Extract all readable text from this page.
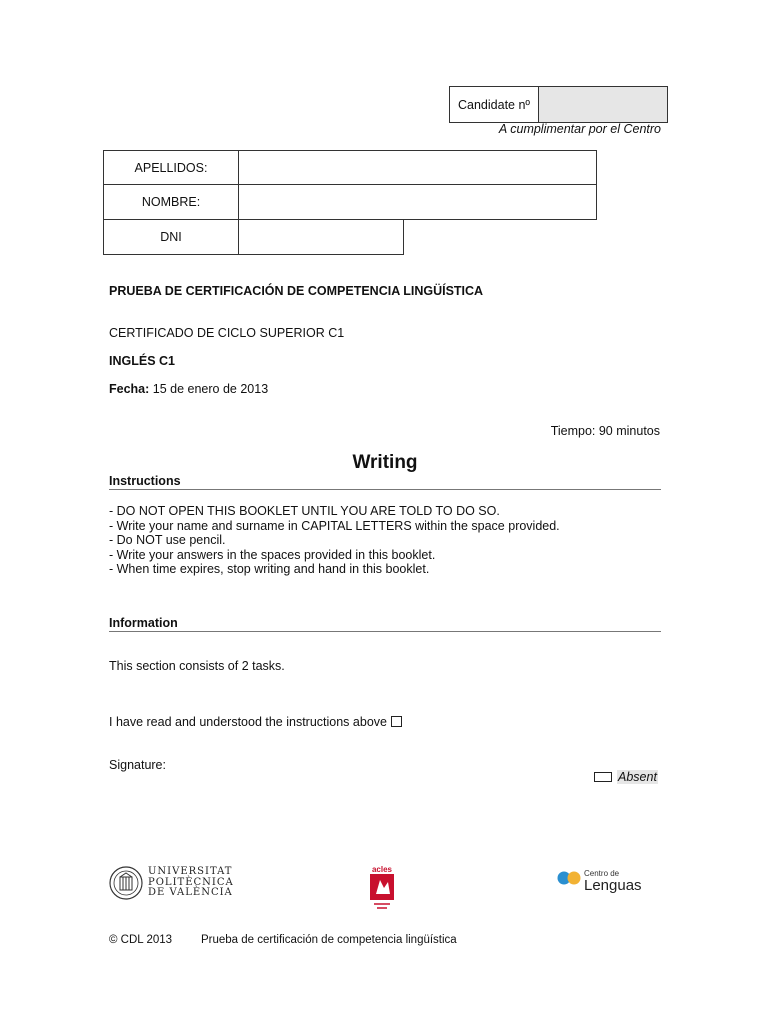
Candidate nº
A cumplimentar por el Centro
APELLIDOS:
NOMBRE:
DNI
PRUEBA DE CERTIFICACIÓN DE COMPETENCIA LINGÜÍSTICA
CERTIFICADO DE CICLO SUPERIOR C1
INGLÉS C1
Fecha: 15 de enero de 2013
Tiempo: 90 minutos
Writing
Instructions
- DO NOT OPEN THIS BOOKLET UNTIL YOU ARE TOLD TO DO SO.
- Write your name and surname in CAPITAL LETTERS within the space provided.
- Do NOT use pencil.
- Write your answers in the spaces provided in this booklet.
- When time expires, stop writing and hand in this booklet.
Information
This section consists of 2 tasks.
I have read and understood the instructions above
Signature:
Absent
UNIVERSITAT
POLITÈCNICA
DE VALÈNCIA
acles	Centro de
Lenguas
© CDL 2013	Prueba de certificación de competencia lingüística
